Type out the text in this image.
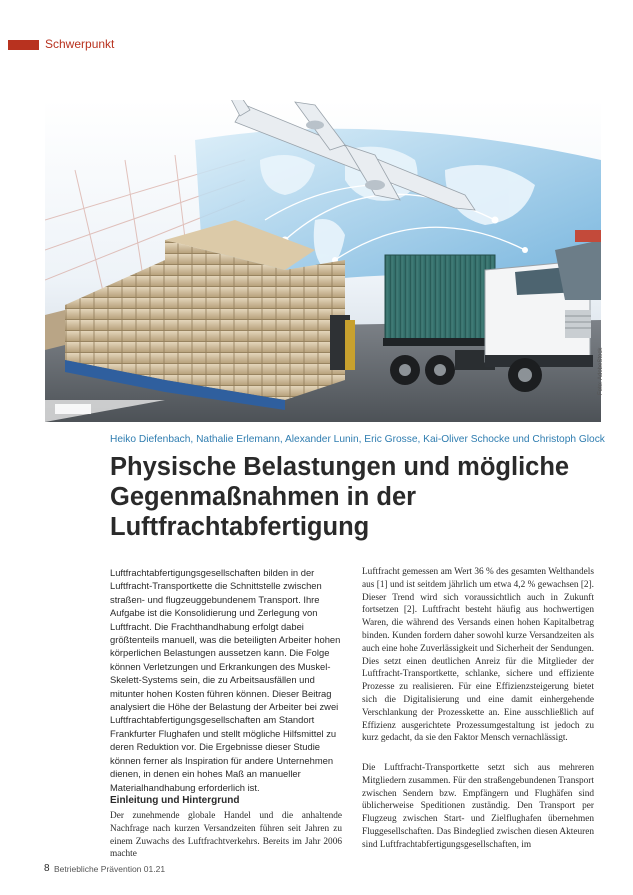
Schwerpunkt
Foto: AdobeStock
Heiko Diefenbach, Nathalie Erlemann, Alexander Lunin, Eric Grosse, Kai-Oliver Schocke und Christoph Glock
Physische Belastungen und mögliche Gegenmaßnahmen in der Luftfrachtabfertigung

Luftfrachtabfertigungsgesellschaften bilden in der Luftfracht-Transportkette die Schnittstelle zwischen straßen- und flugzeuggebundenem Transport. Ihre Aufgabe ist die Konsolidierung und Zerlegung von Luftfracht. Die Frachthandhabung erfolgt dabei größtenteils manuell, was die beteiligten Arbeiter hohen körperlichen Belastungen aussetzen kann. Die Folge können Verletzungen und Erkrankungen des Muskel-Skelett-Systems sein, die zu Arbeitsausfällen und mitunter hohen Kosten führen können. Dieser Beitrag analysiert die Höhe der Belastung der Arbeiter bei zwei Luftfrachtabfertigungsgesellschaften am Standort Frankfurter Flughafen und stellt mögliche Hilfsmittel zu deren Reduktion vor. Die Ergebnisse dieser Studie können ferner als Inspiration für andere Unternehmen dienen, in denen ein hohes Maß an manueller Materialhandhabung erforderlich ist.

Einleitung und Hintergrund

Der zunehmende globale Handel und die anhaltende Nachfrage nach kurzen Versandzeiten führen seit Jahren zu einem Zuwachs des Luftfrachtverkehrs. Bereits im Jahr 2006 machte

Luftfracht gemessen am Wert 36 % des gesamten Welthandels aus [1] und ist seitdem jährlich um etwa 4,2 % gewachsen [2]. Dieser Trend wird sich voraussichtlich auch in Zukunft fortsetzen [2]. Luftfracht besteht häufig aus hochwertigen Waren, die während des Versands einen hohen Kapitalbetrag binden. Kunden fordern daher sowohl kurze Versandzeiten als auch eine hohe Zuverlässigkeit und Sicherheit der Sendungen. Dies setzt einen deutlichen Anreiz für die Mitglieder der Luftfracht-Transportkette, schlanke, sichere und effiziente Prozesse zu realisieren. Für eine Effizienzsteigerung bietet sich die Digitalisierung und eine damit einhergehende Verschlankung der Prozesskette an. Eine ausschließlich auf Effizienz ausgerichtete Prozessumgestaltung ist jedoch zu kurz gedacht, da sie den Faktor Mensch vernachlässigt.

Die Luftfracht-Transportkette setzt sich aus mehreren Mitgliedern zusammen. Für den straßengebundenen Transport zwischen Sendern bzw. Empfängern und Flughäfen sind üblicherweise Speditionen zuständig. Den Transport per Flugzeug zwischen Start- und Zielflughafen übernehmen Fluggesellschaften. Das Bindeglied zwischen diesen Akteuren sind Luftfrachtabfertigungsgesellschaften, im

8 Betriebliche Prävention 01.21
